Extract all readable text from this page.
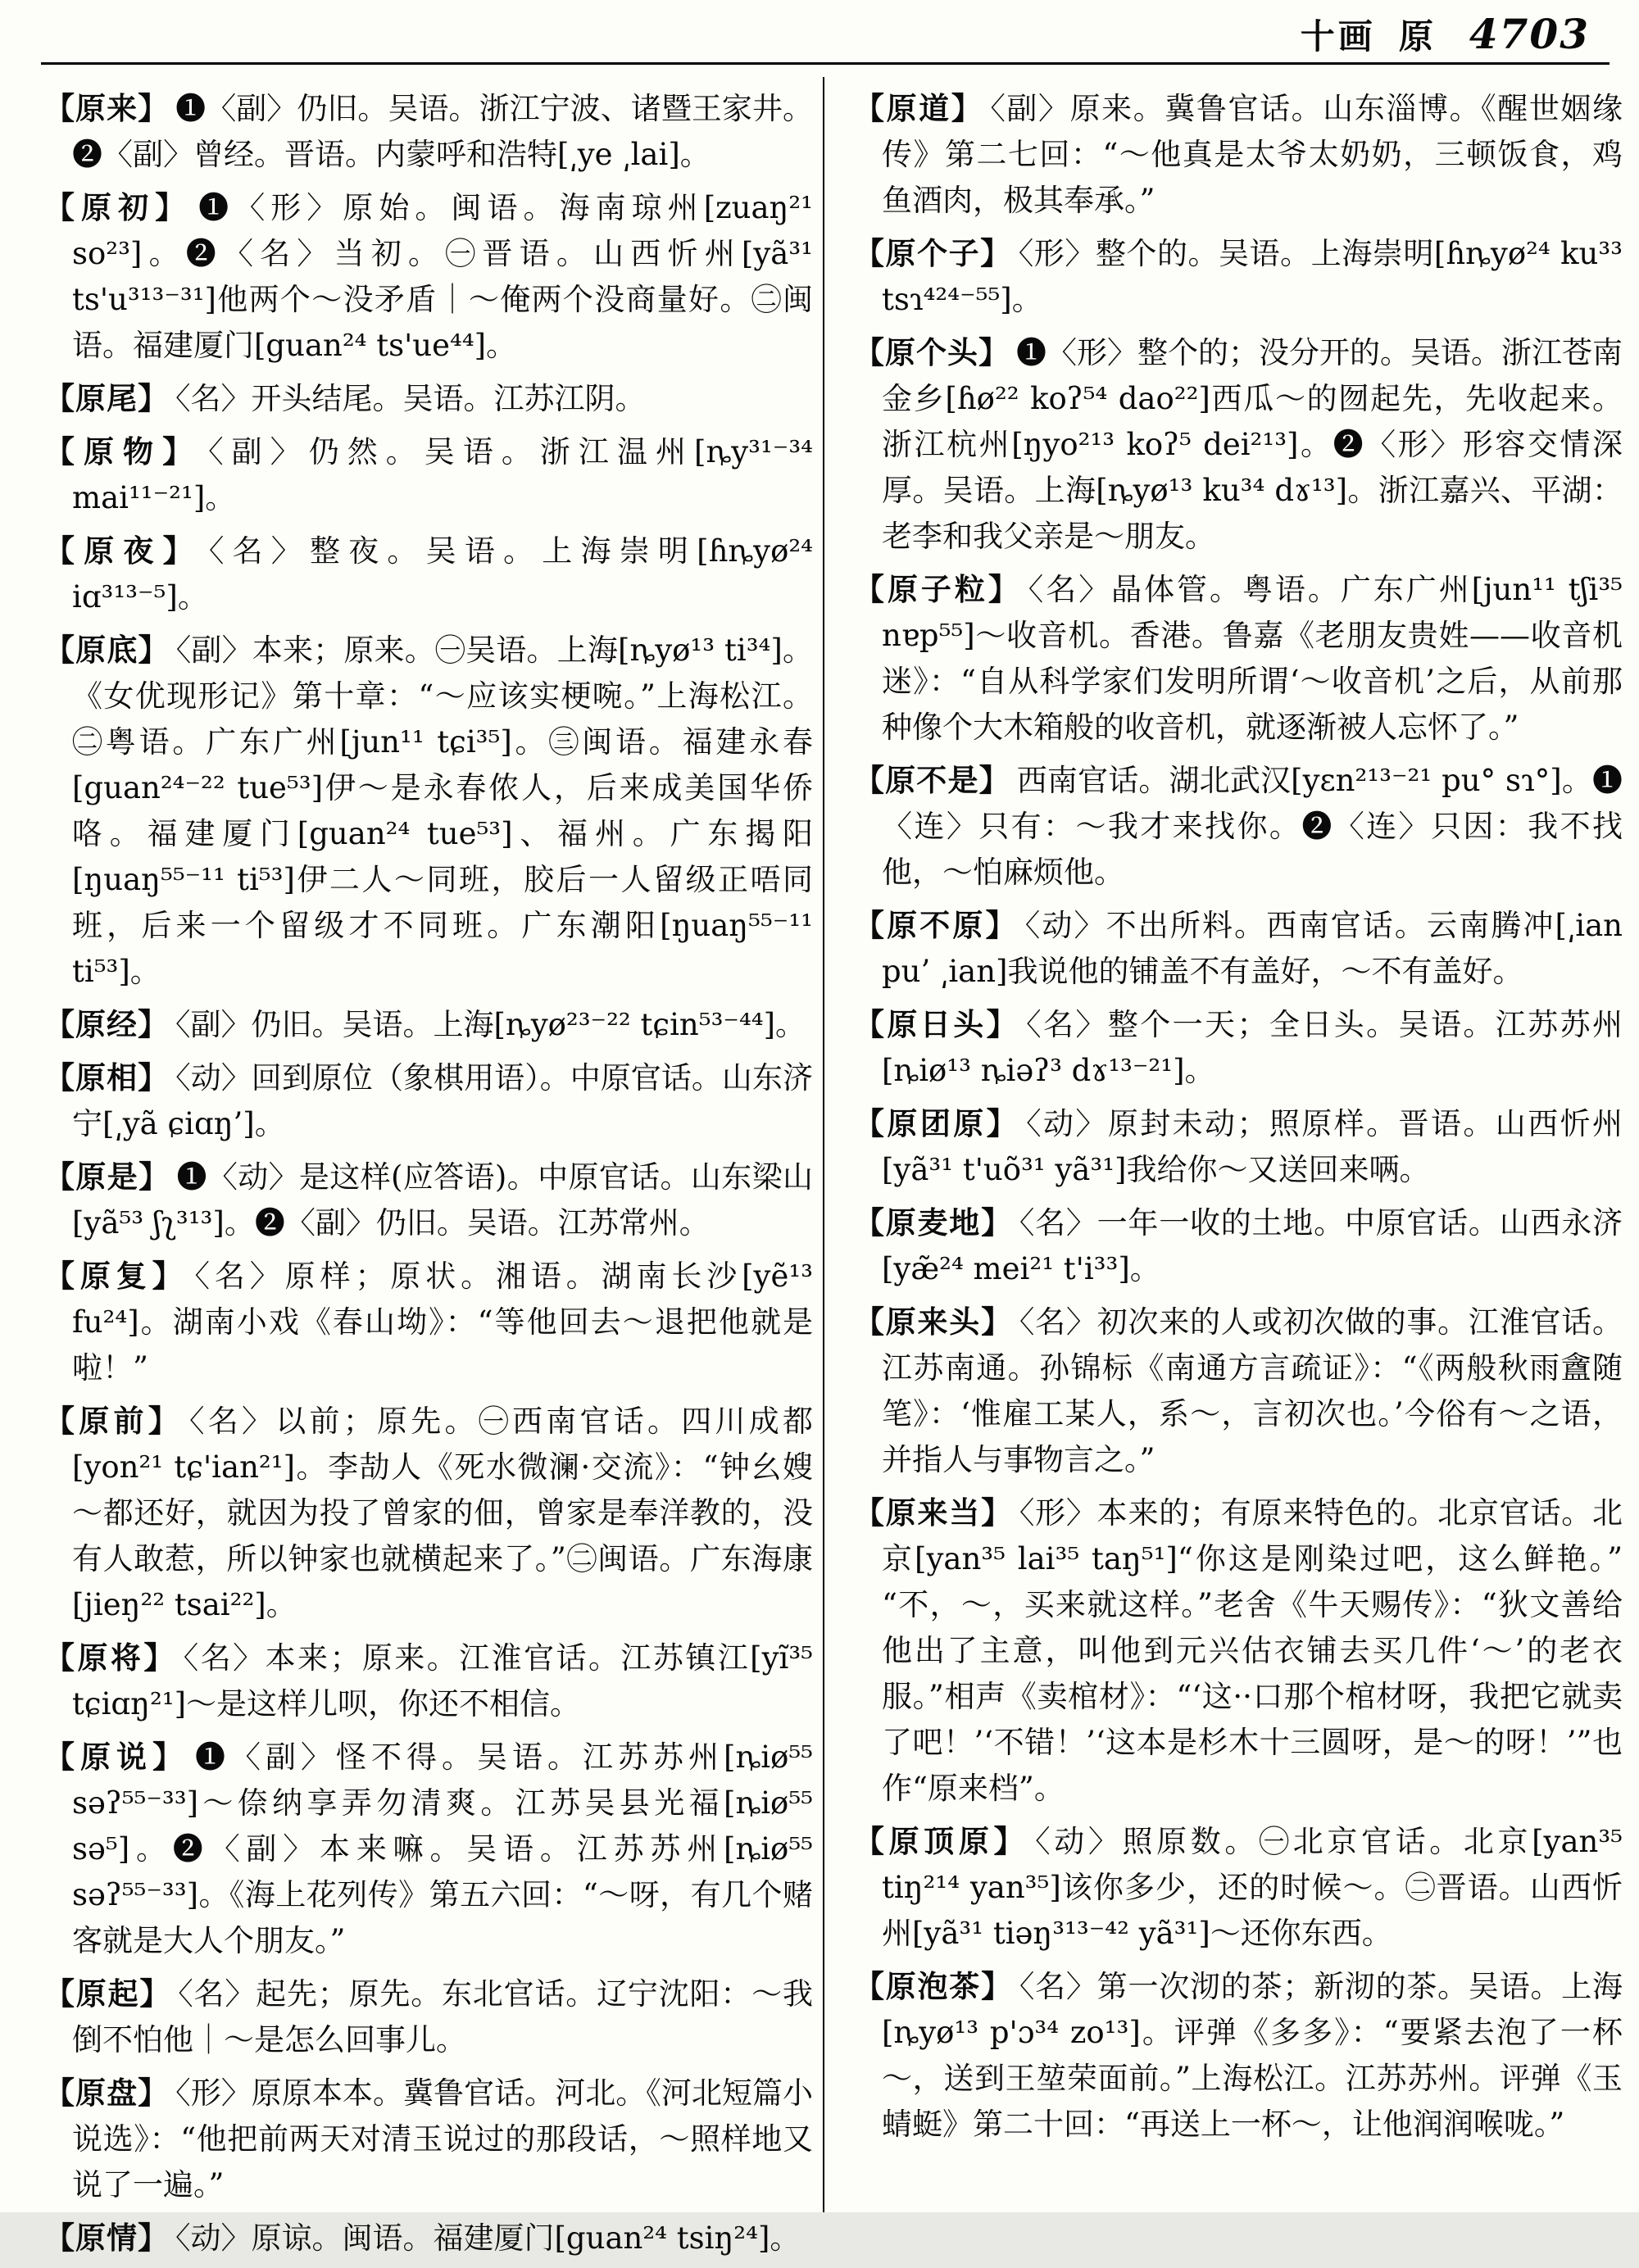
十画 原 4703
【原来】 ❶〈副〉仍旧。吴语。浙江宁波、诸暨王家井。❷〈副〉曾经。晋语。内蒙呼和浩特[͵ye ͵lai]。
【原初】 ❶〈形〉原始。闽语。海南琼州[zuaŋ²¹ so²³]。❷〈名〉当初。㊀晋语。山西忻州[yã³¹ ts'u³¹³⁻³¹]他两个～没矛盾｜～俺两个没商量好。㊁闽语。福建厦门[guan²⁴ ts'ue⁴⁴]。
【原尾】 〈名〉开头结尾。吴语。江苏江阴。
【原物】 〈副〉仍然。吴语。浙江温州[ȵy³¹⁻³⁴ mai¹¹⁻²¹]。
【原夜】 〈名〉整夜。吴语。上海崇明[ɦȵyø²⁴ iɑ³¹³⁻⁵]。
【原底】 〈副〉本来；原来。㊀吴语。上海[ȵyø¹³ ti³⁴]。《女优现形记》第十章：“～应该实梗啘。”上海松江。㊁粤语。广东广州[jun¹¹ tɕi³⁵]。㊂闽语。福建永春[guan²⁴⁻²² tue⁵³]伊～是永春侬人，后来成美国华侨咯。福建厦门[guan²⁴ tue⁵³]、福州。广东揭阳[ŋuaŋ⁵⁵⁻¹¹ ti⁵³]伊二人～同班，胶后一人留级正唔同班，后来一个留级才不同班。广东潮阳[ŋuaŋ⁵⁵⁻¹¹ ti⁵³]。
【原经】 〈副〉仍旧。吴语。上海[ȵyø²³⁻²² tɕin⁵³⁻⁴⁴]。
【原相】 〈动〉回到原位（象棋用语）。中原官话。山东济宁[͵yã ɕiɑŋ’]。
【原是】 ❶〈动〉是这样(应答语)。中原官话。山东梁山[yã⁵³ ʃʅ³¹³]。❷〈副〉仍旧。吴语。江苏常州。
【原复】 〈名〉原样；原状。湘语。湖南长沙[yẽ¹³ fu²⁴]。湖南小戏《春山坳》：“等他回去～退把他就是啦！”
【原前】 〈名〉以前；原先。㊀西南官话。四川成都[yon²¹ tɕ'ian²¹]。李劼人《死水微澜·交流》：“钟幺嫂～都还好，就因为投了曾家的佃，曾家是奉洋教的，没有人敢惹，所以钟家也就横起来了。”㊁闽语。广东海康[jieŋ²² tsai²²]。
【原将】 〈名〉本来；原来。江淮官话。江苏镇江[yĩ³⁵ tɕiɑŋ²¹]～是这样儿呗，你还不相信。
【原说】 ❶〈副〉怪不得。吴语。江苏苏州[ȵiø⁵⁵ səʔ⁵⁵⁻³³]～倷纳享弄勿清爽。江苏吴县光福[ȵiø⁵⁵ sə⁵]。❷〈副〉本来嘛。吴语。江苏苏州[ȵiø⁵⁵ səʔ⁵⁵⁻³³]。《海上花列传》第五六回：“～呀，有几个赌客就是大人个朋友。”
【原起】 〈名〉起先；原先。东北官话。辽宁沈阳：～我倒不怕他｜～是怎么回事儿。
【原盘】 〈形〉原原本本。冀鲁官话。河北。《河北短篇小说选》：“他把前两天对清玉说过的那段话，～照样地又说了一遍。”
【原情】 〈动〉原谅。闽语。福建厦门[guan²⁴ tsiŋ²⁴]。
【原道】 〈副〉原来。冀鲁官话。山东淄博。《醒世姻缘传》第二七回：“～他真是太爷太奶奶，三顿饭食，鸡鱼酒肉，极其奉承。”
【原个子】 〈形〉整个的。吴语。上海崇明[ɦȵyø²⁴ ku³³ tsɿ⁴²⁴⁻⁵⁵]。
【原个头】 ❶〈形〉整个的；没分开的。吴语。浙江苍南金乡[ɦø²² koʔ⁵⁴ dao²²]西瓜～的囫起先，先收起来。浙江杭州[ŋyo²¹³ koʔ⁵ dei²¹³]。❷〈形〉形容交情深厚。吴语。上海[ȵyø¹³ ku³⁴ dɤ¹³]。浙江嘉兴、平湖：老李和我父亲是～朋友。
【原子粒】 〈名〉晶体管。粤语。广东广州[jun¹¹ tʃi³⁵ nɐp⁵⁵]～收音机。香港。鲁嘉《老朋友贵姓——收音机迷》：“自从科学家们发明所谓‘～收音机’之后，从前那种像个大木箱般的收音机，就逐渐被人忘怀了。”
【原不是】 西南官话。湖北武汉[yɛn²¹³⁻²¹ pu° sɿ°]。❶〈连〉只有：～我才来找你。❷〈连〉只因：我不找他，～怕麻烦他。
【原不原】 〈动〉不出所料。西南官话。云南腾冲[͵ian pu’ ͵ian]我说他的铺盖不有盖好，～不有盖好。
【原日头】 〈名〉整个一天；全日头。吴语。江苏苏州[ȵiø¹³ ȵiəʔ³ dɤ¹³⁻²¹]。
【原团原】 〈动〉原封未动；照原样。晋语。山西忻州[yã³¹ t'uõ³¹ yã³¹]我给你～又送回来唡。
【原麦地】 〈名〉一年一收的土地。中原官话。山西永济[yæ̃²⁴ mei²¹ t'i³³]。
【原来头】 〈名〉初次来的人或初次做的事。江淮官话。江苏南通。孙锦标《南通方言疏证》：“《两般秋雨盦随笔》：‘惟雇工某人，系～，言初次也。’今俗有～之语，并指人与事物言之。”
【原来当】 〈形〉本来的；有原来特色的。北京官话。北京[yan³⁵ lai³⁵ taŋ⁵¹]“你这是刚染过吧，这么鲜艳。”“不，～，买来就这样。”老舍《牛天赐传》：“狄文善给他出了主意，叫他到元兴估衣铺去买几件‘～’的老衣服。”相声《卖棺材》：“‘这··口那个棺材呀，我把它就卖了吧！’‘不错！’‘这本是杉木十三圆呀，是～的呀！’”也作“原来档”。
【原顶原】 〈动〉照原数。㊀北京官话。北京[yan³⁵ tiŋ²¹⁴ yan³⁵]该你多少，还的时候～。㊁晋语。山西忻州[yã³¹ tiəŋ³¹³⁻⁴² yã³¹]～还你东西。
【原泡茶】 〈名〉第一次沏的茶；新沏的茶。吴语。上海[ȵyø¹³ p'ɔ³⁴ zo¹³]。评弹《多多》：“要紧去泡了一杯～，送到王堃荣面前。”上海松江。江苏苏州。评弹《玉蜻蜓》第二十回：“再送上一杯～，让他润润喉咙。”
